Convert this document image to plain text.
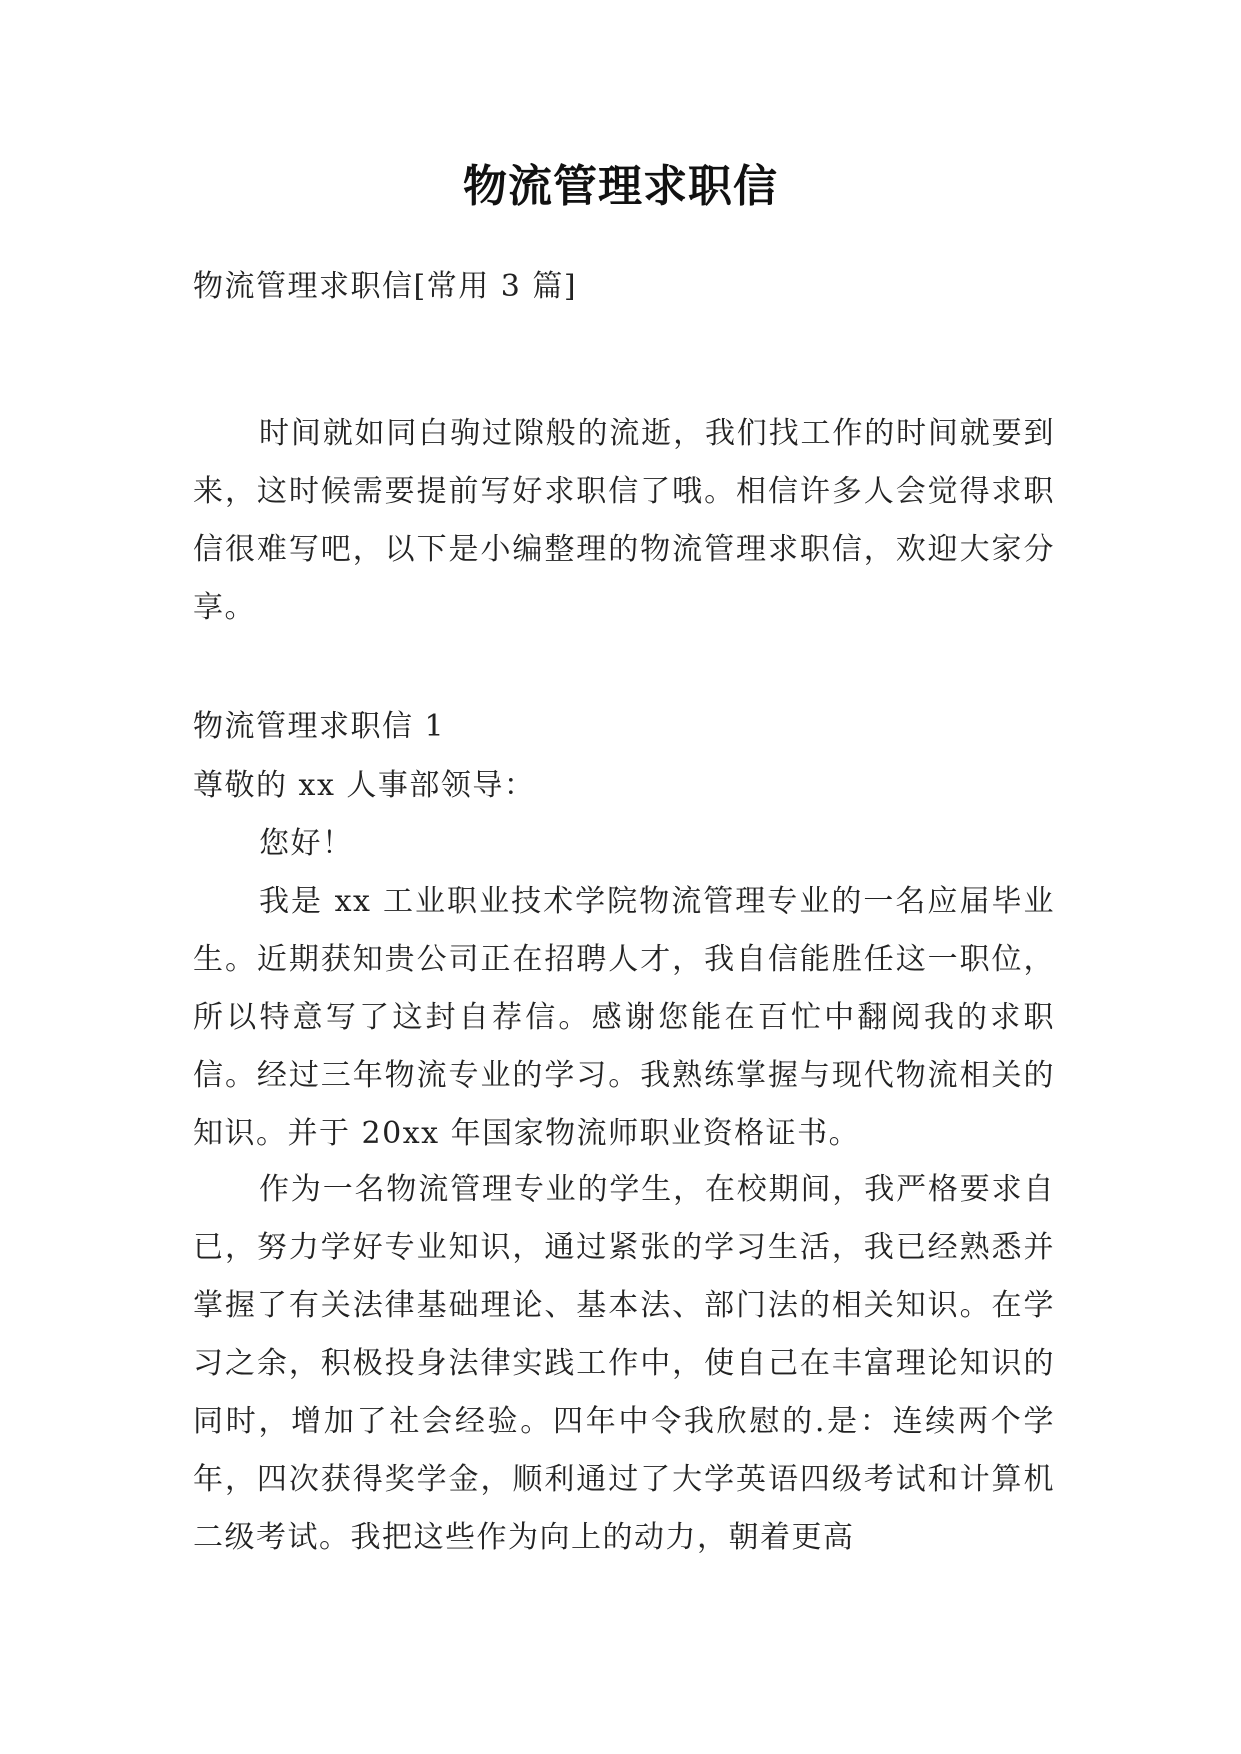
物流管理求职信
物流管理求职信[常用 3 篇]

时间就如同白驹过隙般的流逝，我们找工作的时间就要到来，这时候需要提前写好求职信了哦。相信许多人会觉得求职信很难写吧，以下是小编整理的物流管理求职信，欢迎大家分享。

物流管理求职信 1
尊敬的 xx 人事部领导：
您好！

我是 xx 工业职业技术学院物流管理专业的一名应届毕业生。近期获知贵公司正在招聘人才，我自信能胜任这一职位，所以特意写了这封自荐信。感谢您能在百忙中翻阅我的求职信。经过三年物流专业的学习。我熟练掌握与现代物流相关的知识。并于 20xx 年国家物流师职业资格证书。

作为一名物流管理专业的学生，在校期间，我严格要求自已，努力学好专业知识，通过紧张的学习生活，我已经熟悉并掌握了有关法律基础理论、基本法、部门法的相关知识。在学习之余，积极投身法律实践工作中，使自己在丰富理论知识的同时，增加了社会经验。四年中令我欣慰的.是：连续两个学年，四次获得奖学金，顺利通过了大学英语四级考试和计算机二级考试。我把这些作为向上的动力，朝着更高
